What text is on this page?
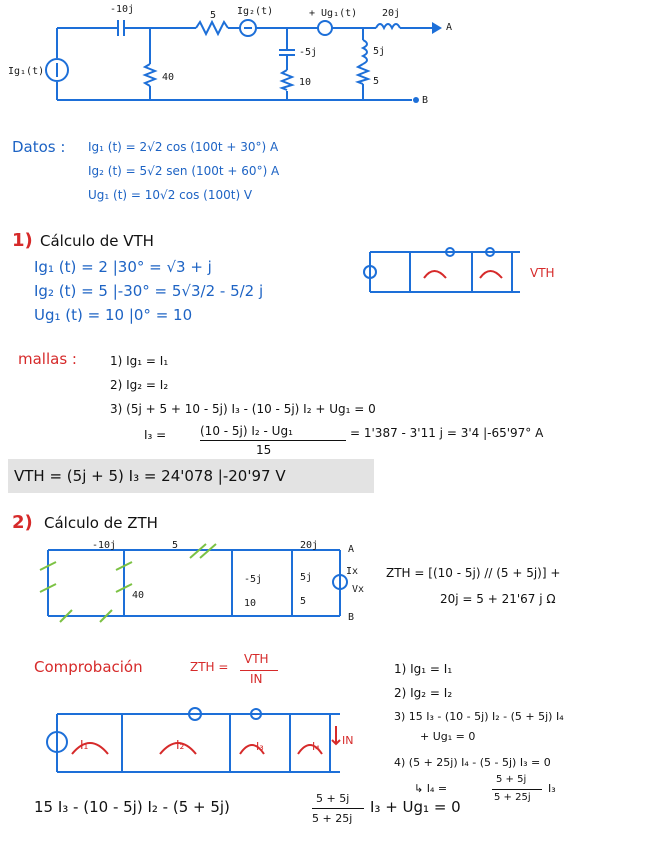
-10j
5 Ig₂(t)	+ Ug₁(t) 20j
Ig₁(t)
40
-5j
10
5j
5
A
B
Datos : Ig₁ (t) = 2√2 cos (100t + 30°) A
Ig₂ (t) = 5√2 sen (100t + 60°) A
Ug₁ (t) = 10√2 cos (100t) V
1) Cálculo de VTH
Ig₁ (t) = 2 |30° = √3 + j
Ig₂ (t) = 5 |-30° = 5√3/2 - 5/2 j
Ug₁ (t) = 10 |0° = 10
VTH
mallas :	1) Ig₁ = I₁
2) Ig₂ = I₂
3) (5j + 5 + 10 - 5j) I₃ - (10 - 5j) I₂ + Ug₁ = 0
I₃ =	(10 - 5j) I₂ - Ug₁
15
= 1'387 - 3'11 j = 3'4 |-65'97° A
VTH = (5j + 5) I₃ = 24'078 |-20'97 V
2) Cálculo de ZTH
-10j	5	20j
40
-5j
10
5j
5
Ix
Vx
A
B
ZTH = [(10 - 5j) // (5 + 5j)] +
20j = 5 + 21'67 j Ω
Comprobación	ZTH =
VTH
IN
1) Ig₁ = I₁
2) Ig₂ = I₂
3) 15 I₃ - (10 - 5j) I₂ - (5 + 5j) I₄
+ Ug₁ = 0
4) (5 + 25j) I₄ - (5 - 5j) I₃ = 0
↳ I₄ =
5 + 5j
5 + 25j
I₃
I₁	I₂	I₃	I₄ IN
15 I₃ - (10 - 5j) I₂ - (5 + 5j)	5 + 5j
5 + 25j
I₃ + Ug₁ = 0
